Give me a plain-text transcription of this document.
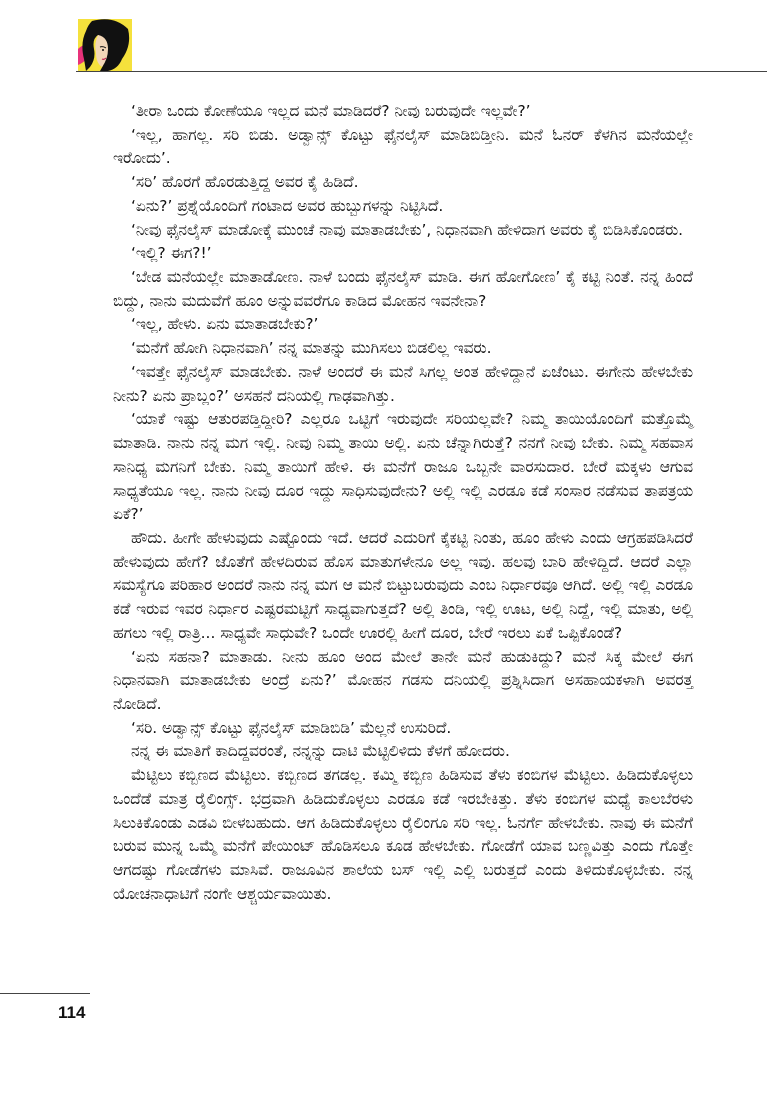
‘ತೀರಾ ಒಂದು ಕೋಣೆಯೂ ಇಲ್ಲದ ಮನೆ ಮಾಡಿದರೆ? ನೀವು ಬರುವುದೇ ಇಲ್ಲವೇ?’

‘ಇಲ್ಲ, ಹಾಗಲ್ಲ. ಸರಿ ಬಿಡು. ಅಡ್ವಾನ್ಸ್ ಕೊಟ್ಟು ಫೈನಲೈಸ್ ಮಾಡಿಬಿಡ್ತೀನಿ. ಮನೆ ಓನರ್ ಕೆಳಗಿನ ಮನೆಯಲ್ಲೇ ಇರೋದು’.

‘ಸರಿ’ ಹೊರಗೆ ಹೊರಡುತ್ತಿದ್ದ ಅವರ ಕೈ ಹಿಡಿದೆ.

‘ಏನು?’ ಪ್ರಶ್ನೆಯೊಂದಿಗೆ ಗಂಟಾದ ಅವರ ಹುಬ್ಬುಗಳನ್ನು ನಿಟ್ಟಿಸಿದೆ.

‘ನೀವು ಫೈನಲೈಸ್ ಮಾಡೋಕ್ಕೆ ಮುಂಚೆ ನಾವು ಮಾತಾಡಬೇಕು’, ನಿಧಾನವಾಗಿ ಹೇಳಿದಾಗ ಅವರು ಕೈ ಬಿಡಿಸಿಕೊಂಡರು.

‘ಇಲ್ಲಿ? ಈಗ?!’

‘ಬೇಡ ಮನೆಯಲ್ಲೇ ಮಾತಾಡೋಣ. ನಾಳೆ ಬಂದು ಫೈನಲೈಸ್ ಮಾಡಿ. ಈಗ ಹೋಗೋಣ’ ಕೈ ಕಟ್ಟಿ ನಿಂತೆ. ನನ್ನ ಹಿಂದೆ ಬಿದ್ದು, ನಾನು ಮದುವೆಗೆ ಹೂಂ ಅನ್ನುವವರೆಗೂ ಕಾಡಿದ ಮೋಹನ ಇವನೇನಾ?

‘ಇಲ್ಲ, ಹೇಳು. ಏನು ಮಾತಾಡಬೇಕು?’

‘ಮನೆಗೆ ಹೋಗಿ ನಿಧಾನವಾಗಿ’ ನನ್ನ ಮಾತನ್ನು ಮುಗಿಸಲು ಬಿಡಲಿಲ್ಲ ಇವರು.

‘ಇವತ್ತೇ ಫೈನಲೈಸ್ ಮಾಡಬೇಕು. ನಾಳೆ ಅಂದರೆ ಈ ಮನೆ ಸಿಗಲ್ಲ ಅಂತ ಹೇಳಿದ್ದಾನೆ ಏಜೆಂಟು. ಈಗೇನು ಹೇಳಬೇಕು ನೀನು? ಏನು ಪ್ರಾಬ್ಲಂ?’ ಅಸಹನೆ ದನಿಯಲ್ಲಿ ಗಾಢವಾಗಿತ್ತು.

‘ಯಾಕೆ ಇಷ್ಟು ಆತುರಪಡ್ತಿದ್ದೀರಿ? ಎಲ್ಲರೂ ಒಟ್ಟಿಗೆ ಇರುವುದೇ ಸರಿಯಲ್ಲವೇ? ನಿಮ್ಮ ತಾಯಿಯೊಂದಿಗೆ ಮತ್ತೊಮ್ಮೆ ಮಾತಾಡಿ. ನಾನು ನನ್ನ ಮಗ ಇಲ್ಲಿ. ನೀವು ನಿಮ್ಮ ತಾಯಿ ಅಲ್ಲಿ. ಏನು ಚೆನ್ನಾಗಿರುತ್ತೆ? ನನಗೆ ನೀವು ಬೇಕು. ನಿಮ್ಮ ಸಹವಾಸ ಸಾನಿಧ್ಯ ಮಗನಿಗೆ ಬೇಕು. ನಿಮ್ಮ ತಾಯಿಗೆ ಹೇಳಿ. ಈ ಮನೆಗೆ ರಾಜೂ ಒಬ್ಬನೇ ವಾರಸುದಾರ. ಬೇರೆ ಮಕ್ಕಳು ಆಗುವ ಸಾಧ್ಯತೆಯೂ ಇಲ್ಲ. ನಾನು ನೀವು ದೂರ ಇದ್ದು ಸಾಧಿಸುವುದೇನು? ಅಲ್ಲಿ ಇಲ್ಲಿ ಎರಡೂ ಕಡೆ ಸಂಸಾರ ನಡೆಸುವ ತಾಪತ್ರಯ ಏಕೆ?’

ಹೌದು. ಹೀಗೇ ಹೇಳುವುದು ಎಷ್ಟೊಂದು ಇದೆ. ಆದರೆ ಎದುರಿಗೆ ಕೈಕಟ್ಟಿ ನಿಂತು, ಹೂಂ ಹೇಳು ಎಂದು ಆಗ್ರಹಪಡಿಸಿದರೆ ಹೇಳುವುದು ಹೇಗೆ? ಜೊತೆಗೆ ಹೇಳದಿರುವ ಹೊಸ ಮಾತುಗಳೇನೂ ಅಲ್ಲ ಇವು. ಹಲವು ಬಾರಿ ಹೇಳಿದ್ದಿದೆ. ಆದರೆ ಎಲ್ಲಾ ಸಮಸ್ಯೆಗೂ ಪರಿಹಾರ ಅಂದರೆ ನಾನು ನನ್ನ ಮಗ ಆ ಮನೆ ಬಿಟ್ಟುಬರುವುದು ಎಂಬ ನಿರ್ಧಾರವೂ ಆಗಿದೆ. ಅಲ್ಲಿ ಇಲ್ಲಿ ಎರಡೂ ಕಡೆ ಇರುವ ಇವರ ನಿರ್ಧಾರ ಎಷ್ಟರಮಟ್ಟಿಗೆ ಸಾಧ್ಯವಾಗುತ್ತದೆ? ಅಲ್ಲಿ ತಿಂಡಿ, ಇಲ್ಲಿ ಊಟ, ಅಲ್ಲಿ ನಿದ್ದೆ, ಇಲ್ಲಿ ಮಾತು, ಅಲ್ಲಿ ಹಗಲು ಇಲ್ಲಿ ರಾತ್ರಿ... ಸಾಧ್ಯವೇ ಸಾಧುವೇ? ಒಂದೇ ಊರಲ್ಲಿ ಹೀಗೆ ದೂರ, ಬೇರೆ ಇರಲು ಏಕೆ ಒಪ್ಪಿಕೊಂಡೆ?

‘ಏನು ಸಹನಾ? ಮಾತಾಡು. ನೀನು ಹೂಂ ಅಂದ ಮೇಲೆ ತಾನೇ ಮನೆ ಹುಡುಕಿದ್ದು? ಮನೆ ಸಿಕ್ಕ ಮೇಲೆ ಈಗ ನಿಧಾನವಾಗಿ ಮಾತಾಡಬೇಕು ಅಂದ್ರೆ ಏನು?’ ಮೋಹನ ಗಡಸು ದನಿಯಲ್ಲಿ ಪ್ರಶ್ನಿಸಿದಾಗ ಅಸಹಾಯಕಳಾಗಿ ಅವರತ್ತ ನೋಡಿದೆ.

‘ಸರಿ. ಅಡ್ವಾನ್ಸ್ ಕೊಟ್ಟು ಫೈನಲೈಸ್ ಮಾಡಿಬಿಡಿ’ ಮೆಲ್ಲನೆ ಉಸುರಿದೆ.

ನನ್ನ ಈ ಮಾತಿಗೆ ಕಾದಿದ್ದವರಂತೆ, ನನ್ನನ್ನು ದಾಟಿ ಮೆಟ್ಟಿಲಿಳಿದು ಕೆಳಗೆ ಹೋದರು.

ಮೆಟ್ಟಿಲು ಕಬ್ಬಿಣದ ಮೆಟ್ಟಿಲು. ಕಬ್ಬಿಣದ ತಗಡಲ್ಲ. ಕಮ್ಮಿ ಕಬ್ಬಿಣ ಹಿಡಿಸುವ ತೆಳು ಕಂಬಿಗಳ ಮೆಟ್ಟಿಲು. ಹಿಡಿದುಕೊಳ್ಳಲು ಒಂದೆಡೆ ಮಾತ್ರ ರೈಲಿಂಗ್ಸ್. ಭದ್ರವಾಗಿ ಹಿಡಿದುಕೊಳ್ಳಲು ಎರಡೂ ಕಡೆ ಇರಬೇಕಿತ್ತು. ತೆಳು ಕಂಬಿಗಳ ಮಧ್ಯೆ ಕಾಲಬೆರಳು ಸಿಲುಕಿಕೊಂಡು ಎಡವಿ ಬೀಳಬಹುದು. ಆಗ ಹಿಡಿದುಕೊಳ್ಳಲು ರೈಲಿಂಗೂ ಸರಿ ಇಲ್ಲ. ಓನರ್ಗೆ ಹೇಳಬೇಕು. ನಾವು ಈ ಮನೆಗೆ ಬರುವ ಮುನ್ನ ಒಮ್ಮೆ ಮನೆಗೆ ಪೇಯಿಂಟ್ ಹೊಡಿಸಲೂ ಕೂಡ ಹೇಳಬೇಕು. ಗೋಡೆಗೆ ಯಾವ ಬಣ್ಣವಿತ್ತು ಎಂದು ಗೊತ್ತೇ ಆಗದಷ್ಟು ಗೋಡೆಗಳು ಮಾಸಿವೆ. ರಾಜೂವಿನ ಶಾಲೆಯ ಬಸ್ ಇಲ್ಲಿ ಎಲ್ಲಿ ಬರುತ್ತದೆ ಎಂದು ತಿಳಿದುಕೊಳ್ಳಬೇಕು. ನನ್ನ ಯೋಚನಾಧಾಟಿಗೆ ನಂಗೇ ಆಶ್ಚರ್ಯವಾಯಿತು.

114
